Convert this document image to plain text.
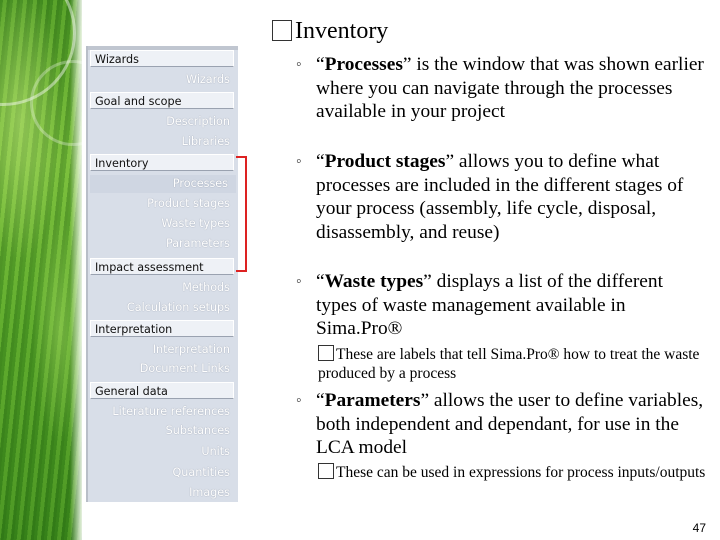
Wizards
Wizards
Goal and scope
Description
Libraries
Inventory
Processes
Product stages
Waste types
Parameters
Impact assessment
Methods
Calculation setups
Interpretation
Interpretation
Document Links
General data
Literature references
Substances
Units
Quantities
Images
Inventory
◦ “Processes” is the window that was shown earlier where you can navigate through the processes available in your project
◦ “Product stages” allows you to define what processes are included in the different stages of your process (assembly, life cycle, disposal, disassembly, and reuse)
◦ “Waste types” displays a list of the different types of waste management available in Sima.Pro®
These are labels that tell Sima.Pro® how to treat the waste produced by a process
◦ “Parameters” allows the user to define variables, both independent and dependant, for use in the LCA model
These can be used in expressions for process inputs/outputs
47
